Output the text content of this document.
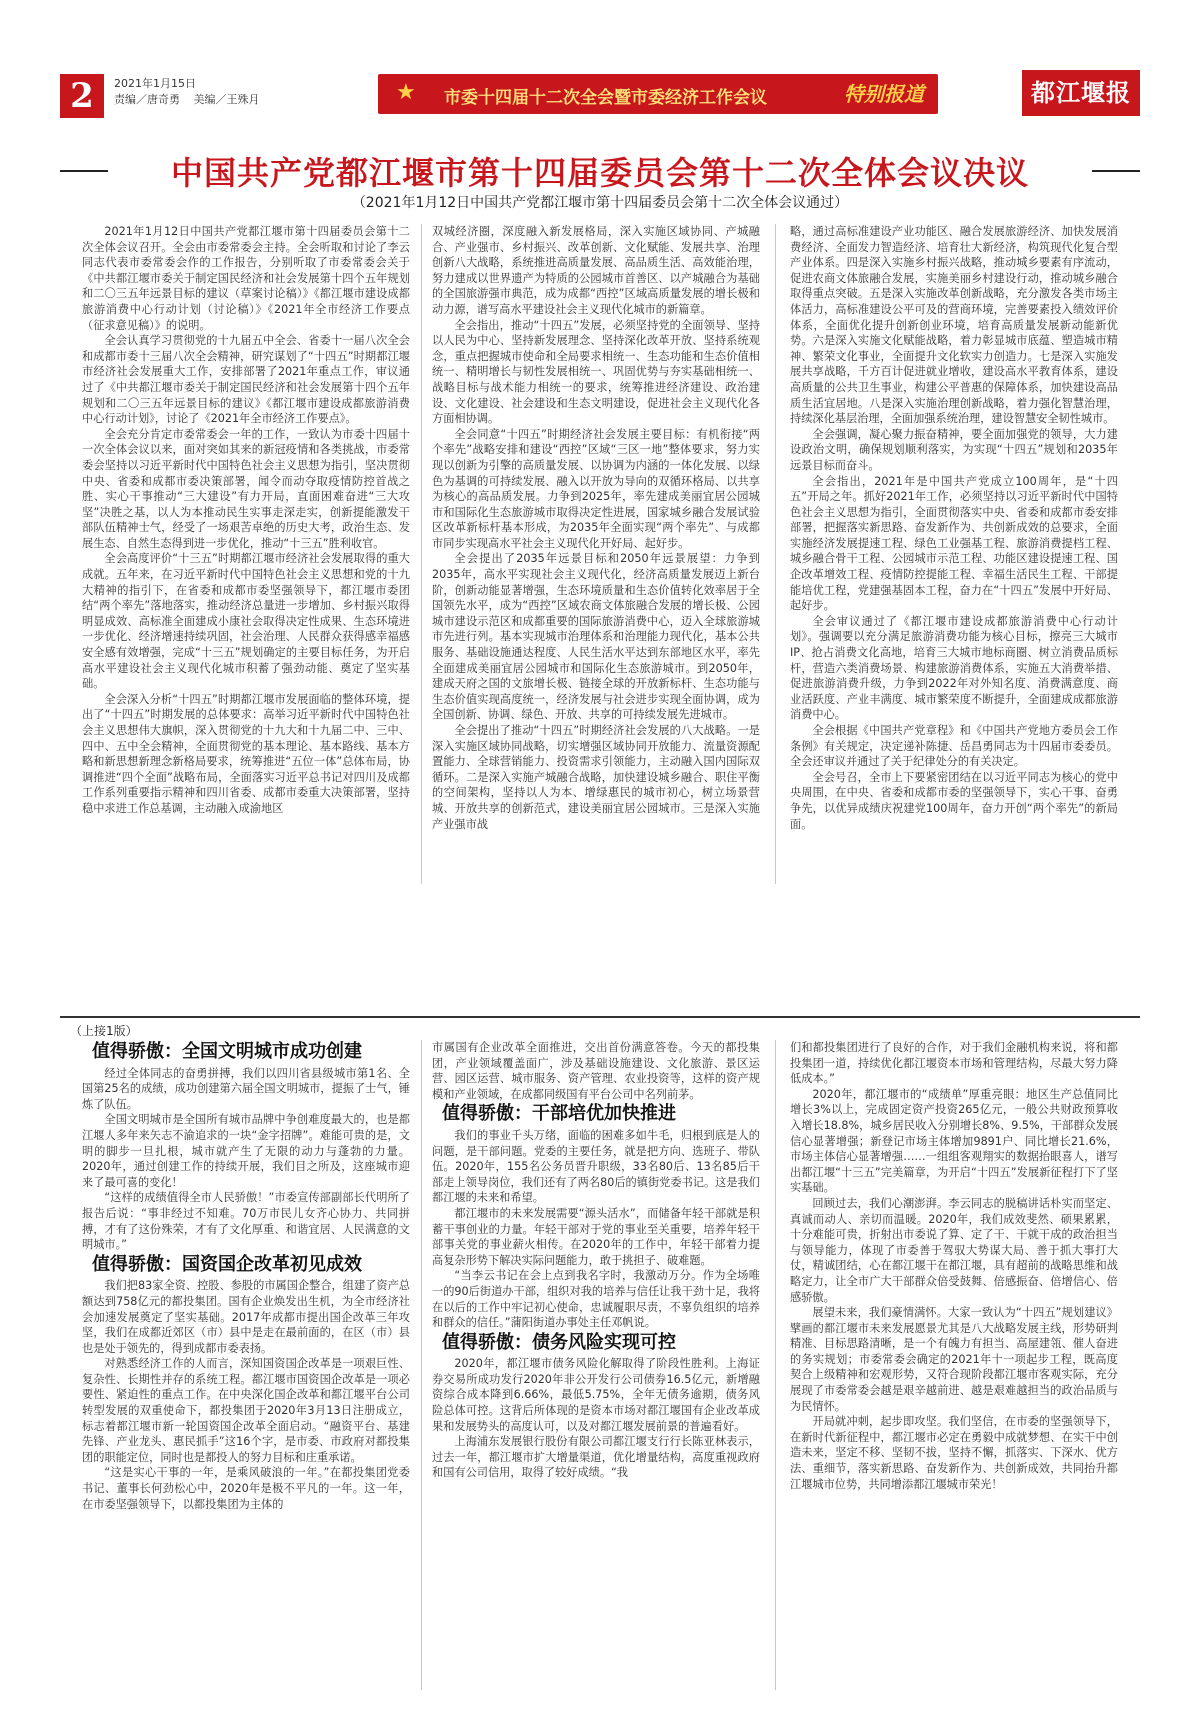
2	2021年1月15日
责编／唐奇勇 美编／王殊月	★ 市委十四届十二次全会暨市委经济工作会议	特别报道	都江堰报
中国共产党都江堰市第十四届委员会第十二次全体会议决议
（2021年1月12日中国共产党都江堰市第十四届委员会第十二次全体会议通过）

2021年1月12日中国共产党都江堰市第十四届委员会第十二次全体会议召开。全会由市委常委会主持。全会听取和讨论了李云同志代表市委常委会作的工作报告，分别听取了市委常委会关于《中共都江堰市委关于制定国民经济和社会发展第十四个五年规划和二〇三五年远景目标的建议（草案讨论稿）》《都江堰市建设成都旅游消费中心行动计划（讨论稿）》《2021年全市经济工作要点（征求意见稿）》的说明。

全会认真学习贯彻党的十九届五中全会、省委十一届八次全会和成都市委十三届八次全会精神，研究谋划了“十四五”时期都江堰市经济社会发展重大工作，安排部署了2021年重点工作，审议通过了《中共都江堰市委关于制定国民经济和社会发展第十四个五年规划和二〇三五年远景目标的建议》《都江堰市建设成都旅游消费中心行动计划》，讨论了《2021年全市经济工作要点》。

全会充分肯定市委常委会一年的工作，一致认为市委十四届十一次全体会议以来，面对突如其来的新冠疫情和各类挑战，市委常委会坚持以习近平新时代中国特色社会主义思想为指引，坚决贯彻中央、省委和成都市委决策部署，闻令而动夺取疫情防控首战之胜、实心干事推动“三大建设”有力开局，直面困难奋进“三大攻坚”决胜之基，以人为本推动民生实事走深走实，创新提能激发干部队伍精神士气，经受了一场艰苦卓绝的历史大考，政治生态、发展生态、自然生态得到进一步优化，推动“十三五”胜利收官。

全会高度评价“十三五”时期都江堰市经济社会发展取得的重大成就。五年来，在习近平新时代中国特色社会主义思想和党的十九大精神的指引下，在省委和成都市委坚强领导下，都江堰市委团结“两个率先”落地落实，推动经济总量进一步增加、乡村振兴取得明显成效、高标准全面建成小康社会取得决定性成果、生态环境进一步优化、经济增速持续巩固，社会治理、人民群众获得感幸福感安全感有效增强，完成“十三五”规划确定的主要目标任务，为开启高水平建设社会主义现代化城市积蓄了强劲动能、奠定了坚实基础。

全会深入分析“十四五”时期都江堰市发展面临的整体环境，提出了“十四五”时期发展的总体要求：高举习近平新时代中国特色社会主义思想伟大旗帜，深入贯彻党的十九大和十九届二中、三中、四中、五中全会精神，全面贯彻党的基本理论、基本路线、基本方略和新思想新理念新格局要求，统筹推进“五位一体”总体布局，协调推进“四个全面”战略布局，全面落实习近平总书记对四川及成都工作系列重要指示精神和四川省委、成都市委重大决策部署，坚持稳中求进工作总基调，主动融入成渝地区

双城经济圈，深度融入新发展格局，深入实施区域协同、产城融合、产业强市、乡村振兴、改革创新、文化赋能、发展共享、治理创新八大战略，系统推进高质量发展、高品质生活、高效能治理，努力建成以世界遗产为特质的公园城市首善区、以产城融合为基础的全国旅游强市典范，成为成都“西控”区域高质量发展的增长极和动力源，谱写高水平建设社会主义现代化城市的新篇章。

全会指出，推动“十四五”发展，必须坚持党的全面领导、坚持以人民为中心、坚持新发展理念、坚持深化改革开放、坚持系统观念，重点把握城市使命和全局要求相统一、生态功能和生态价值相统一、精明增长与韧性发展相统一、巩固优势与夯实基础相统一、战略目标与战术能力相统一的要求，统筹推进经济建设、政治建设、文化建设、社会建设和生态文明建设，促进社会主义现代化各方面相协调。

全会同意“十四五”时期经济社会发展主要目标：有机衔接“两个率先”战略安排和建设“西控”区域“三区一地”整体要求，努力实现以创新为引擎的高质量发展、以协调为内涵的一体化发展、以绿色为基调的可持续发展、融入以开放为导向的双循环格局、以共享为核心的高品质发展。力争到2025年，率先建成美丽宜居公园城市和国际化生态旅游城市取得决定性进展，国家城乡融合发展试验区改革新标杆基本形成，为2035年全面实现“两个率先”、与成都市同步实现高水平社会主义现代化开好局、起好步。

全会提出了2035年远景目标和2050年远景展望：力争到2035年，高水平实现社会主义现代化，经济高质量发展迈上新台阶，创新动能显著增强，生态环境质量和生态价值转化效率居于全国领先水平，成为“西控”区域农商文体旅融合发展的增长极、公园城市建设示范区和成都重要的国际旅游消费中心，迈入全球旅游城市先进行列。基本实现城市治理体系和治理能力现代化，基本公共服务、基础设施通达程度、人民生活水平达到东部地区水平，率先全面建成美丽宜居公园城市和国际化生态旅游城市。到2050年，建成天府之国的文旅增长极、链接全球的开放新标杆、生态功能与生态价值实现高度统一，经济发展与社会进步实现全面协调，成为全国创新、协调、绿色、开放、共享的可持续发展先进城市。

全会提出了推动“十四五”时期经济社会发展的八大战略。一是深入实施区域协同战略，切实增强区域协同开放能力、流量资源配置能力、全球营销能力、投资需求引领能力，主动融入国内国际双循环。二是深入实施产城融合战略，加快建设城乡融合、职住平衡的空间架构，坚持以人为本、增绿惠民的城市初心，树立场景营城、开放共享的创新范式，建设美丽宜居公园城市。三是深入实施产业强市战

略，通过高标准建设产业功能区、融合发展旅游经济、加快发展消费经济、全面发力智造经济、培育壮大新经济，构筑现代化复合型产业体系。四是深入实施乡村振兴战略，推动城乡要素有序流动，促进农商文体旅融合发展，实施美丽乡村建设行动，推动城乡融合取得重点突破。五是深入实施改革创新战略，充分激发各类市场主体活力，高标准建设公平可及的营商环境，完善要素投入绩效评价体系，全面优化提升创新创业环境，培育高质量发展新动能新优势。六是深入实施文化赋能战略，着力彰显城市底蕴、塑造城市精神、繁荣文化事业，全面提升文化软实力创造力。七是深入实施发展共享战略，千方百计促进就业增收，建设高水平教育体系，建设高质量的公共卫生事业，构建公平普惠的保障体系，加快建设高品质生活宜居地。八是深入实施治理创新战略，着力强化智慧治理，持续深化基层治理，全面加强系统治理，建设智慧安全韧性城市。

全会强调，凝心聚力振奋精神，要全面加强党的领导，大力建设政治文明，确保规划顺利落实，为实现“十四五”规划和2035年远景目标而奋斗。

全会指出，2021年是中国共产党成立100周年，是“十四五”开局之年。抓好2021年工作，必须坚持以习近平新时代中国特色社会主义思想为指引，全面贯彻落实中央、省委和成都市委安排部署，把握落实新思路、奋发新作为、共创新成效的总要求，全面实施经济发展提速工程、绿色工业强基工程、旅游消费提档工程、城乡融合骨干工程、公园城市示范工程、功能区建设提速工程、国企改革增效工程、疫情防控提能工程、幸福生活民生工程、干部提能培优工程，党建强基固本工程，奋力在“十四五”发展中开好局、起好步。

全会审议通过了《都江堰市建设成都旅游消费中心行动计划》。强调要以充分满足旅游消费功能为核心目标，擦亮三大城市IP、抢占消费文化高地，培育三大城市地标商圈、树立消费品质标杆，营造六类消费场景、构建旅游消费体系，实施五大消费举措、促进旅游消费升级，力争到2022年对外知名度、消费满意度、商业活跃度、产业丰满度、城市繁荣度不断提升，全面建成成都旅游消费中心。

全会根据《中国共产党章程》和《中国共产党地方委员会工作条例》有关规定，决定递补陈捷、岳昌勇同志为十四届市委委员。全会还审议并通过了关于纪律处分的有关决定。

全会号召，全市上下要紧密团结在以习近平同志为核心的党中央周围，在中央、省委和成都市委的坚强领导下，实心干事、奋勇争先，以优异成绩庆祝建党100周年，奋力开创“两个率先”的新局面。

（上接1版）
值得骄傲：全国文明城市成功创建

经过全体同志的奋勇拼搏，我们以四川省县级城市第1名、全国第25名的成绩，成功创建第六届全国文明城市，提振了士气，锤炼了队伍。

全国文明城市是全国所有城市品牌中争创难度最大的，也是都江堰人多年来矢志不渝追求的一块“金字招牌”。难能可贵的是，文明的脚步一旦扎根，城市就产生了无限的动力与蓬勃的力量。2020年，通过创建工作的持续开展，我们目之所及，这座城市迎来了最可喜的变化！

“这样的成绩值得全市人民骄傲！”市委宣传部副部长代明所了报告后说：“事非经过不知难。70万市民儿女齐心协力、共同拼搏，才有了这份殊荣，才有了文化厚重、和谐宜居、人民满意的文明城市。”

值得骄傲：国资国企改革初见成效

我们把83家全资、控股、参股的市属国企整合，组建了资产总额达到758亿元的都投集团。国有企业焕发出生机，为全市经济社会加速发展奠定了坚实基础。2017年成都市提出国企改革三年攻坚，我们在成都近郊区（市）县中是走在最前面的，在区（市）县也是处于领先的，得到成都市委表扬。

对熟悉经济工作的人而言，深知国资国企改革是一项艰巨性、复杂性、长期性并存的系统工程。都江堰市国资国企改革是一项必要性、紧迫性的重点工作。在中央深化国企改革和都江堰平台公司转型发展的双重使命下，都投集团于2020年3月13日注册成立，标志着都江堰市新一轮国资国企改革全面启动。“融资平台、基建先锋、产业龙头、惠民抓手”这16个字，是市委、市政府对都投集团的职能定位，同时也是都投人的努力目标和庄重承诺。

“这是实心干事的一年，是乘风破浪的一年。”在都投集团党委书记、董事长何劲松心中，2020年是极不平凡的一年。这一年，在市委坚强领导下，以都投集团为主体的

市属国有企业改革全面推进，交出首份满意答卷。今天的都投集团，产业领域覆盖面广，涉及基础设施建设、文化旅游、景区运营、园区运营、城市服务、资产管理、农业投资等，这样的资产规模和产业领域，在成都同级国有平台公司中名列前茅。

值得骄傲：干部培优加快推进

我们的事业千头万绪，面临的困难多如牛毛，归根到底是人的问题，是干部问题。党委的主要任务，就是把方向、选班子、带队伍。2020年，155名公务员晋升职级，33名80后、13名85后干部走上领导岗位，我们还有了两名80后的镇街党委书记。这是我们都江堰的未来和希望。

都江堰市的未来发展需要“源头活水”，而储备年轻干部就是积蓄干事创业的力量。年轻干部对于党的事业至关重要，培养年轻干部事关党的事业薪火相传。在2020年的工作中，年轻干部着力提高复杂形势下解决实际问题能力，敢于挑担子、破难题。

“当李云书记在会上点到我名字时，我激动万分。作为全场唯一的90后街道办干部，组织对我的培养与信任让我干劲十足，我将在以后的工作中牢记初心使命，忠诚履职尽责，不辜负组织的培养和群众的信任。”蒲阳街道办事处主任邓帆说。

值得骄傲：债务风险实现可控

2020年，都江堰市债务风险化解取得了阶段性胜利。上海证券交易所成功发行2020年非公开发行公司债券16.5亿元，新增融资综合成本降到6.66%，最低5.75%，全年无债务逾期，债务风险总体可控。这背后所体现的是资本市场对都江堰国有企业改革成果和发展势头的高度认可，以及对都江堰发展前景的普遍看好。

上海浦东发展银行股份有限公司都江堰支行行长陈亚林表示，过去一年，都江堰市扩大增量渠道，优化增量结构，高度重视政府和国有公司信用，取得了较好成绩。“我

们和都投集团进行了良好的合作，对于我们金融机构来说，将和都投集团一道，持续优化都江堰资本市场和管理结构，尽最大努力降低成本。”

2020年，都江堰市的“成绩单”厚重亮眼：地区生产总值同比增长3%以上，完成固定资产投资265亿元，一般公共财政预算收入增长18.8%，城乡居民收入分别增长8%、9.5%，干部群众发展信心显著增强；新登记市场主体增加9891户、同比增长21.6%，市场主体信心显著增强……一组组客观翔实的数据抬眼喜人，谱写出都江堰“十三五”完美篇章，为开启“十四五”发展新征程打下了坚实基础。

回顾过去，我们心潮澎湃。李云同志的脱稿讲话朴实而坚定、真诚而动人、亲切而温暖。2020年，我们成效斐然、硕果累累，十分难能可贵，折射出市委说了算、定了干、干就干成的政治担当与领导能力，体现了市委善于驾驭大势谋大局、善于抓大事打大仗，精诚团结，心在都江堰干在都江堰，具有超前的战略思维和战略定力，让全市广大干部群众倍受鼓舞、倍感振奋、倍增信心、倍感骄傲。

展望未来，我们豪情满怀。大家一致认为“十四五”规划建议》擘画的都江堰市未来发展愿景尤其是八大战略发展主线，形势研判精准、目标思路清晰，是一个有魄力有担当、高屋建瓴、催人奋进的务实规划；市委常委会确定的2021年十一项起步工程，既高度契合上级精神和宏观形势，又符合现阶段都江堰市客观实际，充分展现了市委常委会越是艰辛越前进、越是艰难越担当的政治品质与为民情怀。

开局就冲刺，起步即攻坚。我们坚信，在市委的坚强领导下，在新时代新征程中，都江堰市必定在勇毅中成就梦想、在实干中创造未来，坚定不移、坚韧不拔，坚持不懈，抓落实、下深水、优方法、重细节，落实新思路、奋发新作为、共创新成效，共同抬升都江堰城市位势，共同增添都江堰城市荣光！
